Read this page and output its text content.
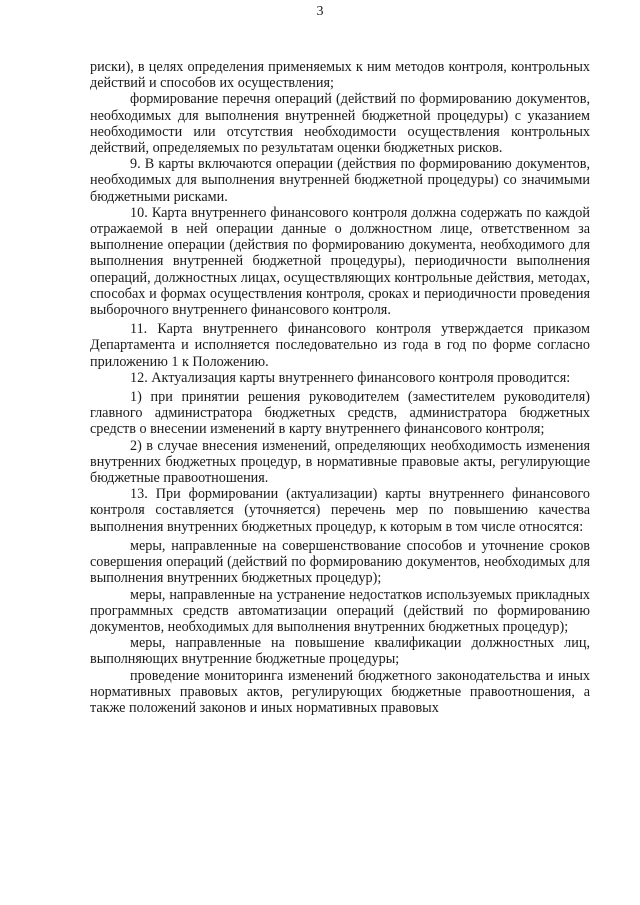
3

риски), в целях определения применяемых к ним методов контроля, контрольных действий и способов их осуществления;

формирование перечня операций (действий по формированию документов, необходимых для выполнения внутренней бюджетной процедуры) с указанием необходимости или отсутствия необходимости осуществления контрольных действий, определяемых по результатам оценки бюджетных рисков.

9. В карты включаются операции (действия по формированию документов, необходимых для выполнения внутренней бюджетной процедуры) со значимыми бюджетными рисками.

10. Карта внутреннего финансового контроля должна содержать по каждой отражаемой в ней операции данные о должностном лице, ответственном за выполнение операции (действия по формированию документа, необходимого для выполнения внутренней бюджетной процедуры), периодичности выполнения операций, должностных лицах, осуществляющих контрольные действия, методах, способах и формах осуществления контроля, сроках и периодичности проведения выборочного внутреннего финансового контроля.

11. Карта внутреннего финансового контроля утверждается приказом Департамента и исполняется последовательно из года в год по форме согласно приложению 1 к Положению.

12. Актуализация карты внутреннего финансового контроля проводится:

1) при принятии решения руководителем (заместителем руководителя) главного администратора бюджетных средств, администратора бюджетных средств о внесении изменений в карту внутреннего финансового контроля;

2) в случае внесения изменений, определяющих необходимость изменения внутренних бюджетных процедур, в нормативные правовые акты, регулирующие бюджетные правоотношения.

13. При формировании (актуализации) карты внутреннего финансового контроля составляется (уточняется) перечень мер по повышению качества выполнения внутренних бюджетных процедур, к которым в том числе относятся:

меры, направленные на совершенствование способов и уточнение сроков совершения операций (действий по формированию документов, необходимых для выполнения внутренних бюджетных процедур);

меры, направленные на устранение недостатков используемых прикладных программных средств автоматизации операций (действий по формированию документов, необходимых для выполнения внутренних бюджетных процедур);

меры, направленные на повышение квалификации должностных лиц, выполняющих внутренние бюджетные процедуры;

проведение мониторинга изменений бюджетного законодательства и иных нормативных правовых актов, регулирующих бюджетные правоотношения, а также положений законов и иных нормативных правовых
